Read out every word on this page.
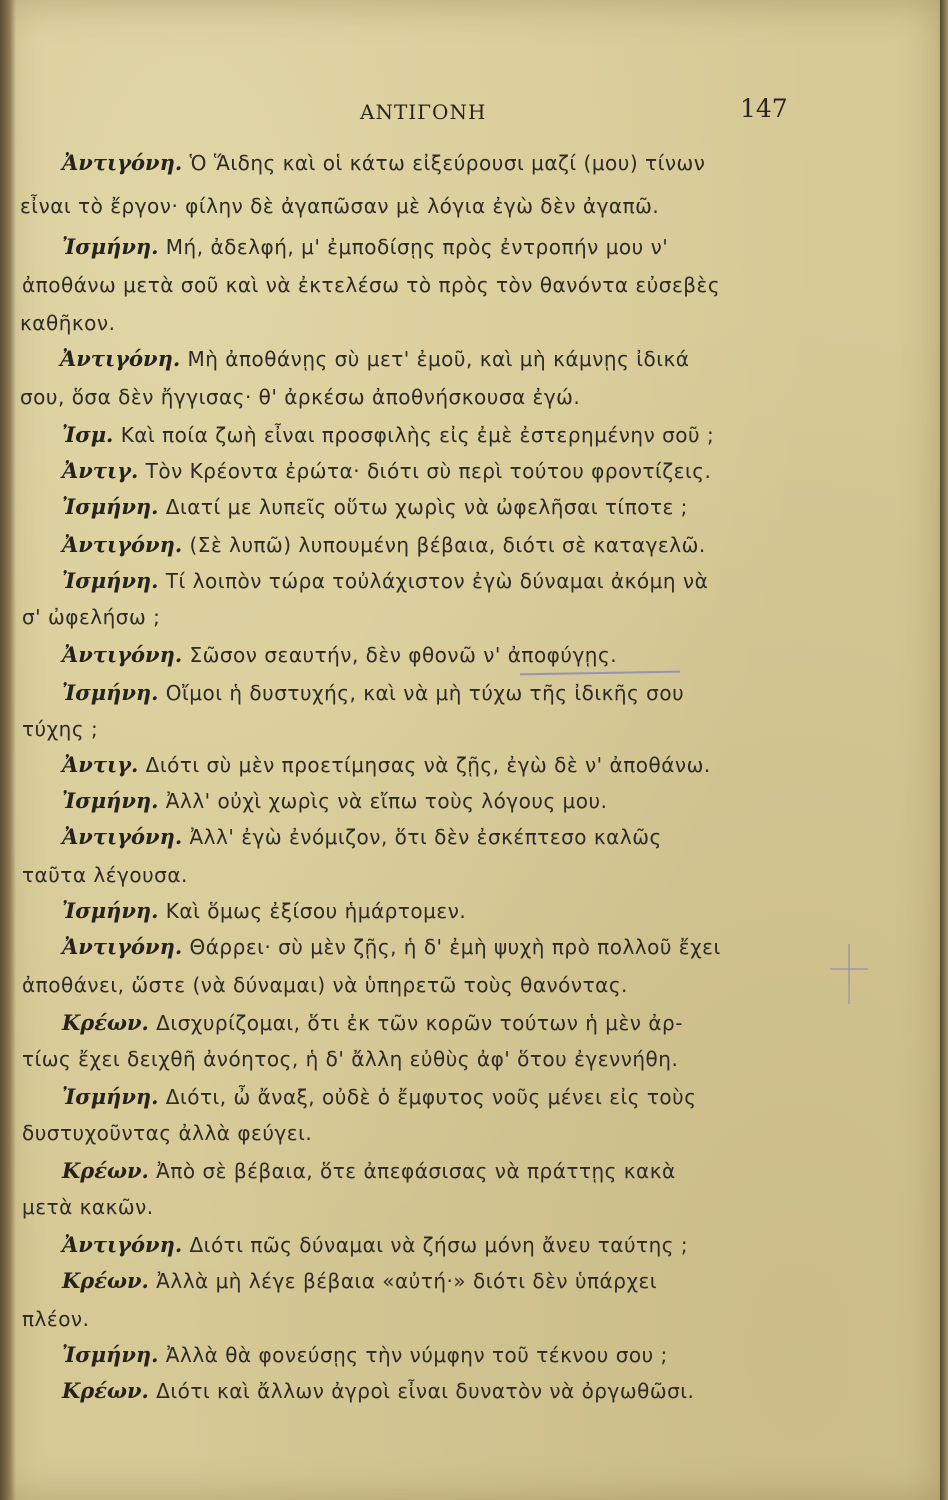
ΑΝΤΙΓΟΝΗ	147
Ἀντιγόνη. Ὁ Ἅιδης καὶ οἱ κάτω εἰξεύρουσι μαζί (μου) τίνων
εἶναι τὸ ἔργον· φίλην δὲ ἀγαπῶσαν μὲ λόγια ἐγὼ δὲν ἀγαπῶ.
Ἰσμήνη. Μή, ἀδελφή, μ' ἐμποδίσῃς πρὸς ἐντροπήν μου ν'
ἀποθάνω μετὰ σοῦ καὶ νὰ ἐκτελέσω τὸ πρὸς τὸν θανόντα εὐσεβὲς
καθῆκον.
Ἀντιγόνη. Μὴ ἀποθάνῃς σὺ μετ' ἐμοῦ, καὶ μὴ κάμνῃς ἰδικά
σου, ὅσα δὲν ἤγγισας· θ' ἀρκέσω ἀποθνήσκουσα ἐγώ.
Ἰσμ. Καὶ ποία ζωὴ εἶναι προσφιλὴς εἰς ἐμὲ ἐστερημένην σοῦ ;
Ἀντιγ. Τὸν Κρέοντα ἐρώτα· διότι σὺ περὶ τούτου φροντίζεις.
Ἰσμήνη. Διατί με λυπεῖς οὕτω χωρὶς νὰ ὠφελῆσαι τίποτε ;
Ἀντιγόνη. (Σὲ λυπῶ) λυπουμένη βέβαια, διότι σὲ καταγελῶ.
Ἰσμήνη. Τί λοιπὸν τώρα τοὐλάχιστον ἐγὼ δύναμαι ἀκόμη νὰ
σ' ὠφελήσω ;
Ἀντιγόνη. Σῶσον σεαυτήν, δὲν φθονῶ ν' ἀποφύγῃς.
Ἰσμήνη. Οἴμοι ἡ δυστυχής, καὶ νὰ μὴ τύχω τῆς ἰδικῆς σου
τύχης ;
Ἀντιγ. Διότι σὺ μὲν προετίμησας νὰ ζῇς, ἐγὼ δὲ ν' ἀποθάνω.
Ἰσμήνη. Ἀλλ' οὐχὶ χωρὶς νὰ εἴπω τοὺς λόγους μου.
Ἀντιγόνη. Ἀλλ' ἐγὼ ἐνόμιζον, ὅτι δὲν ἐσκέπτεσο καλῶς
ταῦτα λέγουσα.
Ἰσμήνη. Καὶ ὅμως ἐξίσου ἡμάρτομεν.
Ἀντιγόνη. Θάρρει· σὺ μὲν ζῇς, ἡ δ' ἐμὴ ψυχὴ πρὸ πολλοῦ ἔχει
ἀποθάνει, ὥστε (νὰ δύναμαι) νὰ ὑπηρετῶ τοὺς θανόντας.
Κρέων. Δισχυρίζομαι, ὅτι ἐκ τῶν κορῶν τούτων ἡ μὲν ἀρ-
τίως ἔχει δειχθῆ ἀνόητος, ἡ δ' ἄλλη εὐθὺς ἀφ' ὅτου ἐγεννήθη.
Ἰσμήνη. Διότι, ὦ ἄναξ, οὐδὲ ὁ ἔμφυτος νοῦς μένει εἰς τοὺς
δυστυχοῦντας ἀλλὰ φεύγει.
Κρέων. Ἀπὸ σὲ βέβαια, ὅτε ἀπεφάσισας νὰ πράττῃς κακὰ
μετὰ κακῶν.
Ἀντιγόνη. Διότι πῶς δύναμαι νὰ ζήσω μόνη ἄνευ ταύτης ;
Κρέων. Ἀλλὰ μὴ λέγε βέβαια «αὐτή·» διότι δὲν ὑπάρχει
πλέον.
Ἰσμήνη. Ἀλλὰ θὰ φονεύσῃς τὴν νύμφην τοῦ τέκνου σου ;
Κρέων. Διότι καὶ ἄλλων ἀγροὶ εἶναι δυνατὸν νὰ ὀργωθῶσι.
